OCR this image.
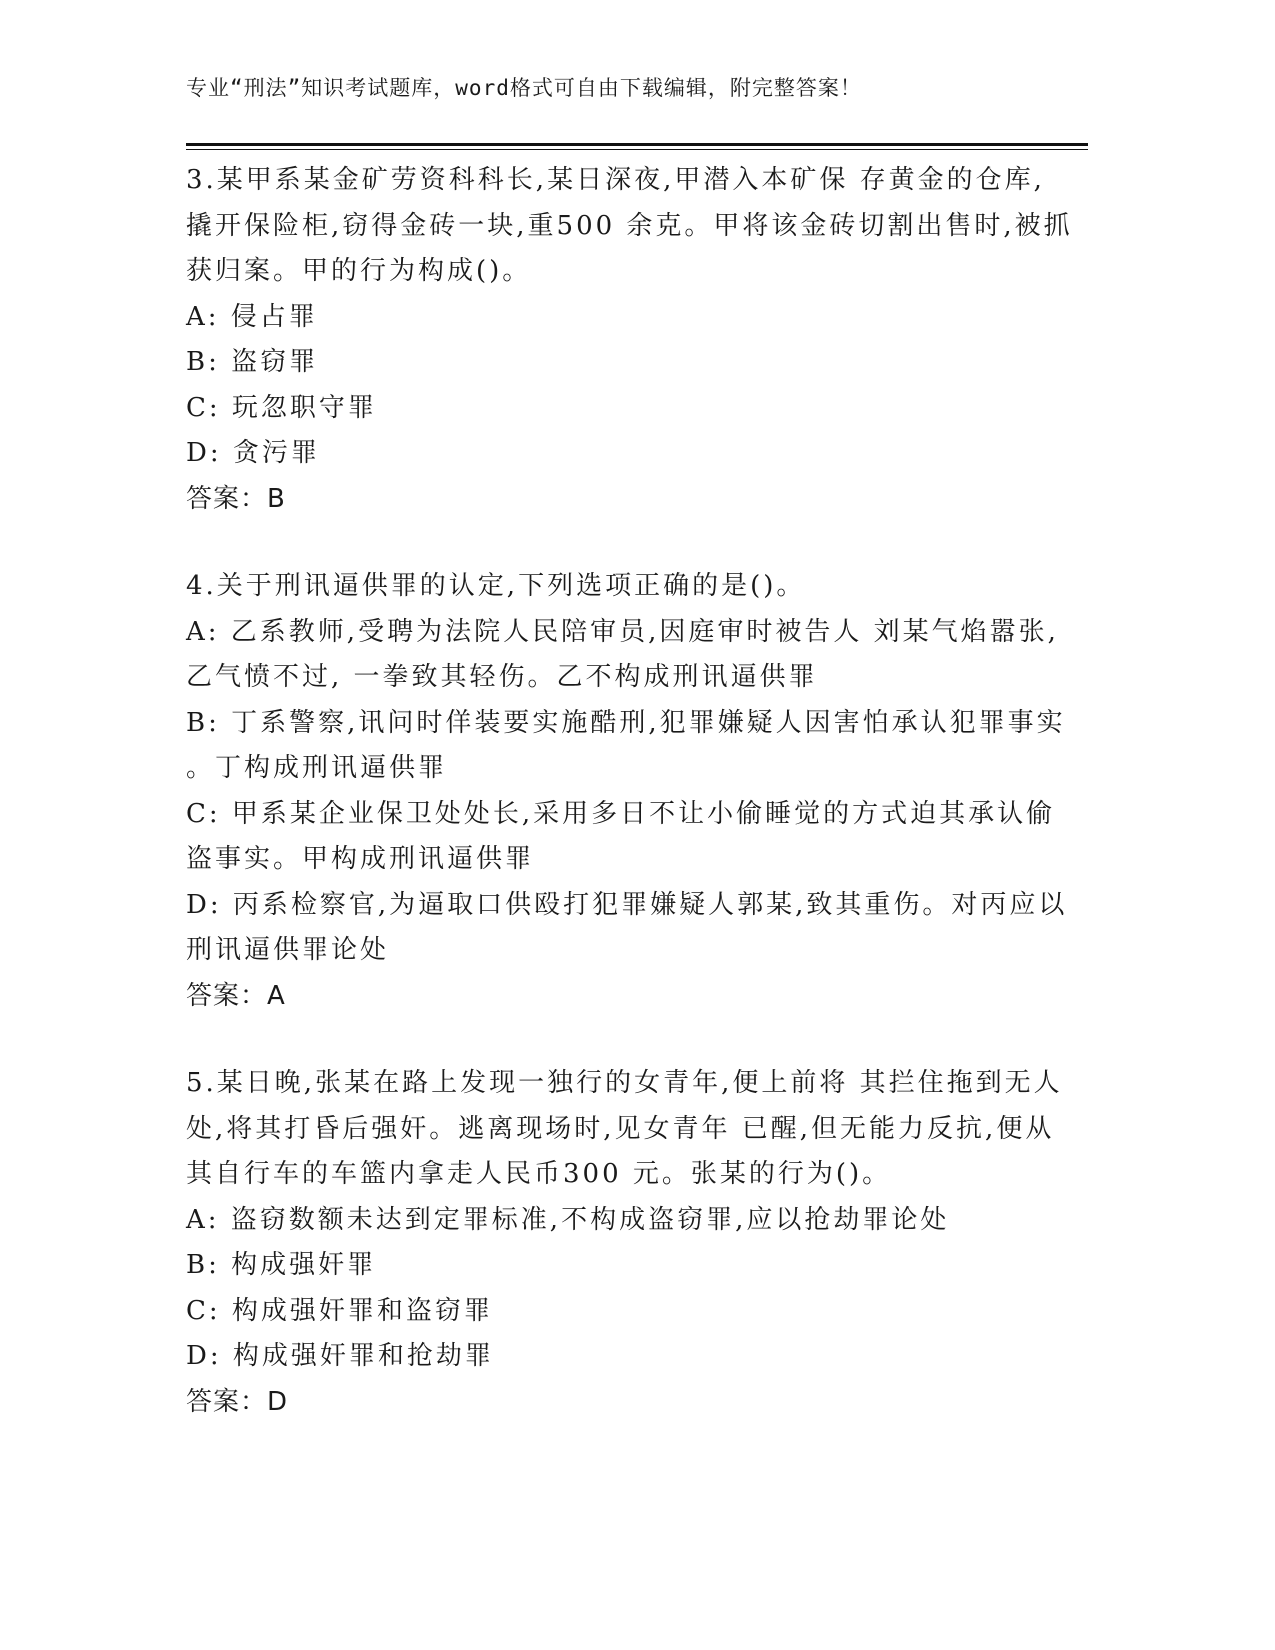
专业“刑法”知识考试题库，word格式可自由下载编辑，附完整答案！
3.某甲系某金矿劳资科科长,某日深夜,甲潜入本矿保 存黄金的仓库,
撬开保险柜,窃得金砖一块,重500 余克。甲将该金砖切割出售时,被抓
获归案。甲的行为构成()。
A: 侵占罪
B: 盗窃罪
C: 玩忽职守罪
D: 贪污罪
答案：B
4.关于刑讯逼供罪的认定,下列选项正确的是()。
A: 乙系教师,受聘为法院人民陪审员,因庭审时被告人 刘某气焰嚣张,
乙气愤不过, 一拳致其轻伤。乙不构成刑讯逼供罪
B: 丁系警察,讯问时佯装要实施酷刑,犯罪嫌疑人因害怕承认犯罪事实
。丁构成刑讯逼供罪
C: 甲系某企业保卫处处长,采用多日不让小偷睡觉的方式迫其承认偷
盗事实。甲构成刑讯逼供罪
D: 丙系检察官,为逼取口供殴打犯罪嫌疑人郭某,致其重伤。对丙应以
刑讯逼供罪论处
答案：A
5.某日晚,张某在路上发现一独行的女青年,便上前将 其拦住拖到无人
处,将其打昏后强奸。逃离现场时,见女青年 已醒,但无能力反抗,便从
其自行车的车篮内拿走人民币300 元。张某的行为()。
A: 盗窃数额未达到定罪标准,不构成盗窃罪,应以抢劫罪论处
B: 构成强奸罪
C: 构成强奸罪和盗窃罪
D: 构成强奸罪和抢劫罪
答案：D
